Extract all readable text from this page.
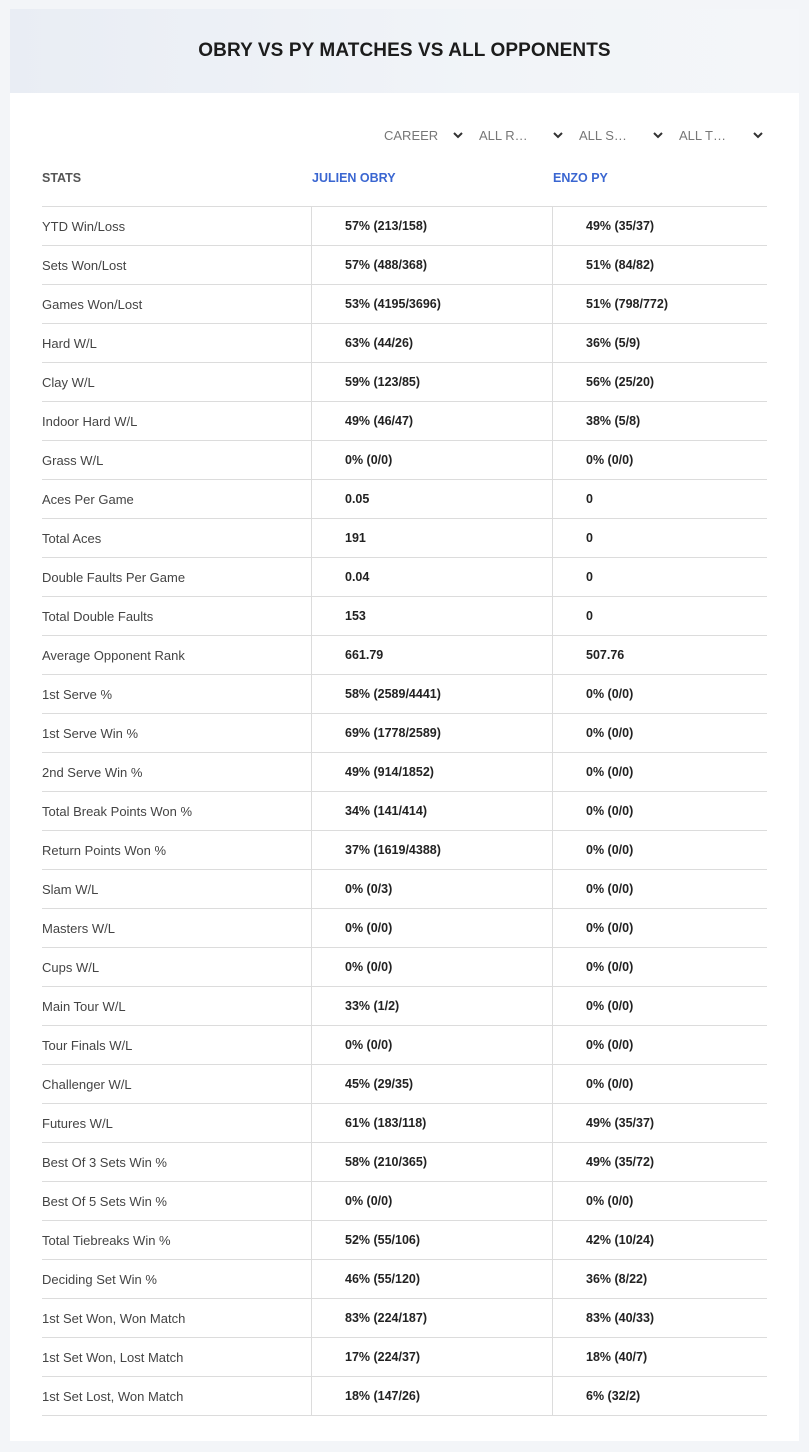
OBRY VS PY MATCHES VS ALL OPPONENTS
CAREER	ALL R…	ALL S…	ALL T…
STATS	JULIEN OBRY	ENZO PY
YTD Win/Loss	57% (213/158)	49% (35/37)
Sets Won/Lost	57% (488/368)	51% (84/82)
Games Won/Lost	53% (4195/3696)	51% (798/772)
Hard W/L	63% (44/26)	36% (5/9)
Clay W/L	59% (123/85)	56% (25/20)
Indoor Hard W/L	49% (46/47)	38% (5/8)
Grass W/L	0% (0/0)	0% (0/0)
Aces Per Game	0.05	0
Total Aces	191	0
Double Faults Per Game	0.04	0
Total Double Faults	153	0
Average Opponent Rank	661.79	507.76
1st Serve %	58% (2589/4441)	0% (0/0)
1st Serve Win %	69% (1778/2589)	0% (0/0)
2nd Serve Win %	49% (914/1852)	0% (0/0)
Total Break Points Won %	34% (141/414)	0% (0/0)
Return Points Won %	37% (1619/4388)	0% (0/0)
Slam W/L	0% (0/3)	0% (0/0)
Masters W/L	0% (0/0)	0% (0/0)
Cups W/L	0% (0/0)	0% (0/0)
Main Tour W/L	33% (1/2)	0% (0/0)
Tour Finals W/L	0% (0/0)	0% (0/0)
Challenger W/L	45% (29/35)	0% (0/0)
Futures W/L	61% (183/118)	49% (35/37)
Best Of 3 Sets Win %	58% (210/365)	49% (35/72)
Best Of 5 Sets Win %	0% (0/0)	0% (0/0)
Total Tiebreaks Win %	52% (55/106)	42% (10/24)
Deciding Set Win %	46% (55/120)	36% (8/22)
1st Set Won, Won Match	83% (224/187)	83% (40/33)
1st Set Won, Lost Match	17% (224/37)	18% (40/7)
1st Set Lost, Won Match	18% (147/26)	6% (32/2)
